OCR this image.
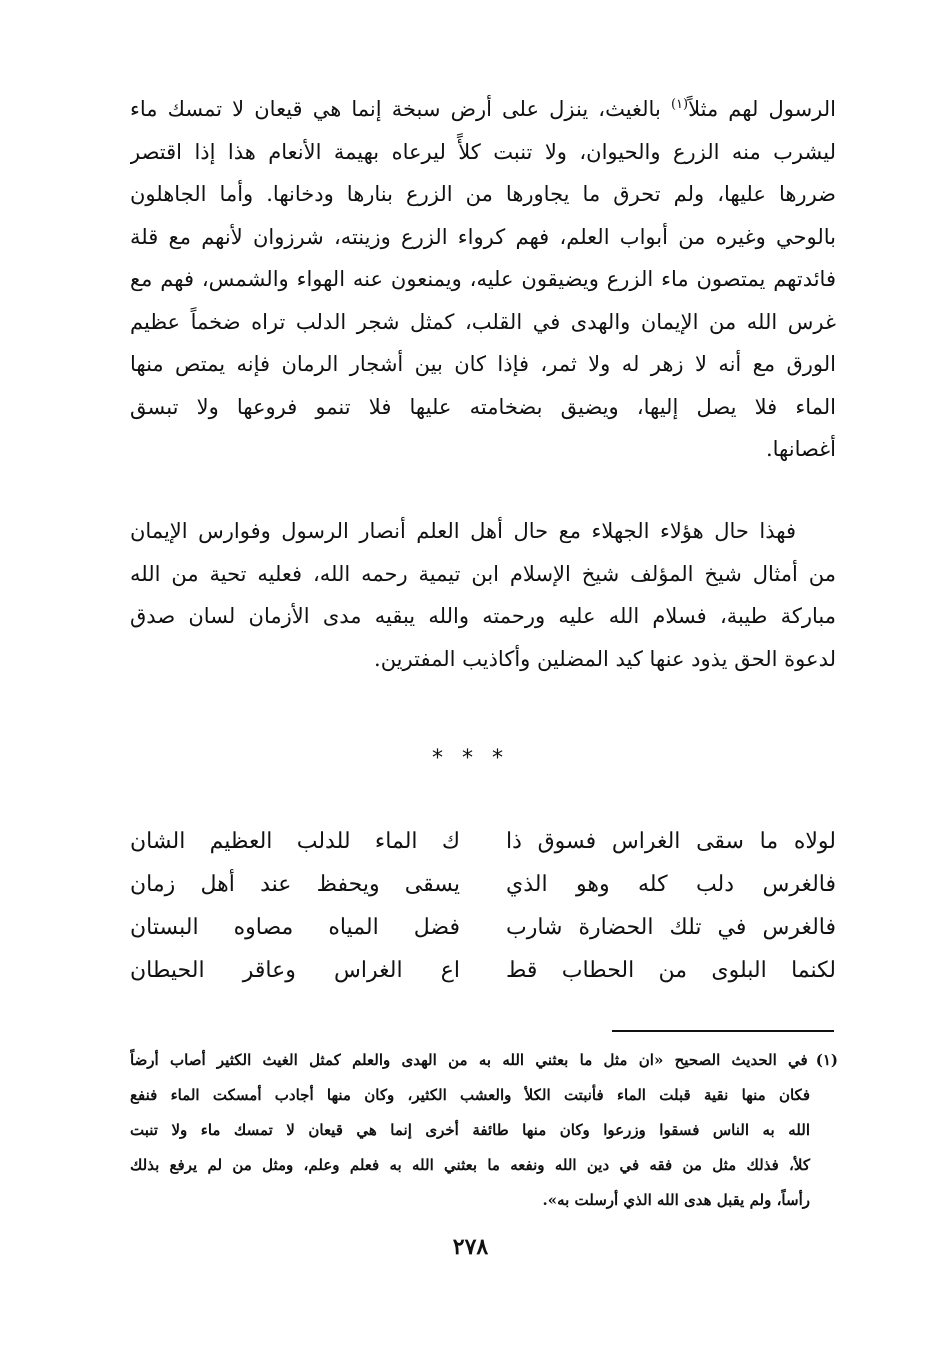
الرسول لهم مثلاً$^{(١)}$ بالغيث، ينزل على أرض سبخة إنما هي قيعان لا تمسك ماء
ليشرب منه الزرع والحيوان، ولا تنبت كلأً ليرعاه بهيمة الأنعام هذا إذا اقتصر
ضررها عليها، ولم تحرق ما يجاورها من الزرع بنارها ودخانها. وأما الجاهلون
بالوحي وغيره من أبواب العلم، فهم كرواء الزرع وزينته، شرزوان لأنهم مع قلة
فائدتهم يمتصون ماء الزرع ويضيقون عليه، ويمنعون عنه الهواء والشمس، فهم مع
غرس الله من الإيمان والهدى في القلب، كمثل شجر الدلب تراه ضخماً عظيم
الورق مع أنه لا زهر له ولا ثمر، فإذا كان بين أشجار الرمان فإنه يمتص منها
الماء فلا يصل إليها، ويضيق بضخامته عليها فلا تنمو فروعها ولا تبسق
أغصانها.
فهذا حال هؤلاء الجهلاء مع حال أهل العلم أنصار الرسول وفوارس الإيمان
من أمثال شيخ المؤلف شيخ الإسلام ابن تيمية رحمه الله، فعليه تحية من الله
مباركة طيبة، فسلام الله عليه ورحمته والله يبقيه مدى الأزمان لسان صدق
لدعوة الحق يذود عنها كيد المضلين وأكاذيب المفترين.
* * *
لولاه ما سقى الغراس فسوق ذا
ك الماء للدلب العظيم الشان
فالغرس دلب كله وهو الذي
يسقى ويحفظ عند أهل زمان
فالغرس في تلك الحضارة شارب
فضل المياه مصاوه البستان
لكنما البلوى من الحطاب قط
اع الغراس وعاقر الحيطان
(١)في الحديث الصحيح «ان مثل ما بعثني الله به من الهدى والعلم كمثل الغيث الكثير أصاب أرضاً
فكان منها نقية قبلت الماء فأنبتت الكلأ والعشب الكثير، وكان منها أجادب أمسكت الماء فنفع
الله به الناس فسقوا وزرعوا وكان منها طائفة أخرى إنما هي قيعان لا تمسك ماء ولا تنبت
كلأ، فذلك مثل من فقه في دين الله ونفعه ما بعثني الله به فعلم وعلم، ومثل من لم يرفع بذلك
رأساً، ولم يقبل هدى الله الذي أرسلت به».
٢٧٨
